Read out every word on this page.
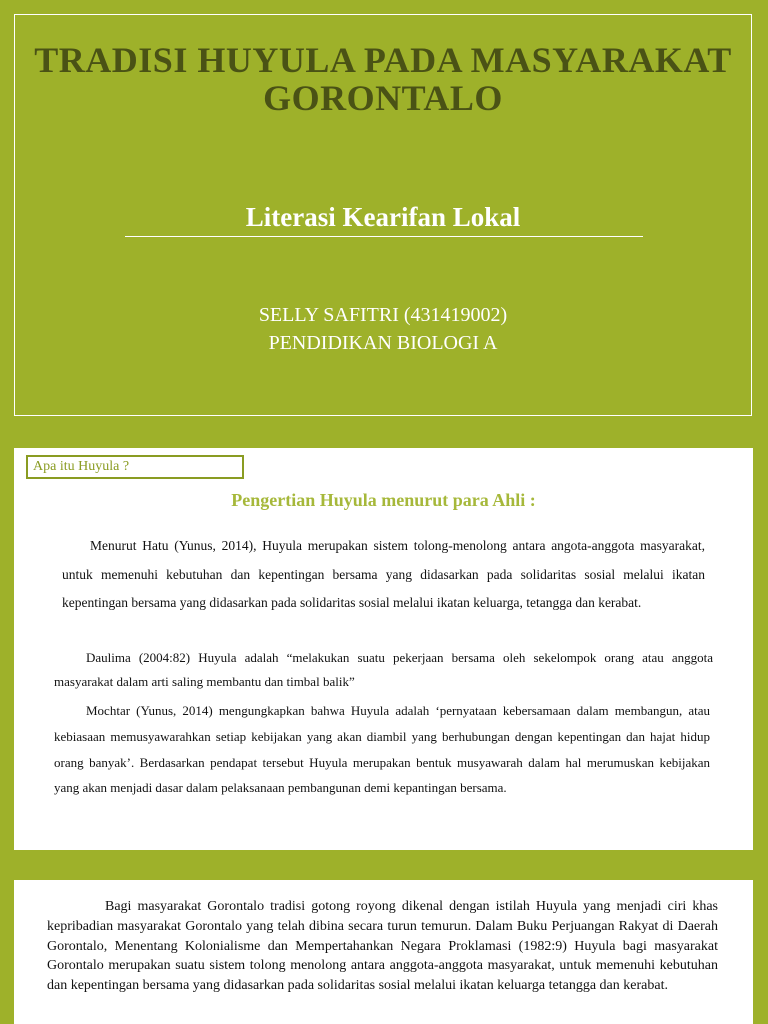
TRADISI HUYULA PADA MASYARAKAT GORONTALO
Literasi Kearifan Lokal
SELLY SAFITRI (431419002)
PENDIDIKAN BIOLOGI A
Apa itu Huyula ?
Pengertian Huyula menurut para Ahli :

Menurut Hatu (Yunus, 2014), Huyula merupakan sistem tolong-menolong antara angota-anggota masyarakat, untuk memenuhi kebutuhan dan kepentingan bersama yang didasarkan pada solidaritas sosial melalui ikatan kepentingan bersama yang didasarkan pada solidaritas sosial melalui ikatan keluarga, tetangga dan kerabat.

Daulima (2004:82) Huyula adalah “melakukan suatu pekerjaan bersama oleh sekelompok orang atau anggota masyarakat dalam arti saling membantu dan timbal balik”

Mochtar (Yunus, 2014) mengungkapkan bahwa Huyula adalah ‘pernyataan kebersamaan dalam membangun, atau kebiasaan memusyawarahkan setiap kebijakan yang akan diambil yang berhubungan dengan kepentingan dan hajat hidup orang banyak’. Berdasarkan pendapat tersebut Huyula merupakan bentuk musyawarah dalam hal merumuskan kebijakan yang akan menjadi dasar dalam pelaksanaan pembangunan demi kepantingan bersama.

Bagi masyarakat Gorontalo tradisi gotong royong dikenal dengan istilah Huyula yang menjadi ciri khas kepribadian masyarakat Gorontalo yang telah dibina secara turun temurun. Dalam Buku Perjuangan Rakyat di Daerah Gorontalo, Menentang Kolonialisme dan Mempertahankan Negara Proklamasi (1982:9) Huyula bagi masyarakat Gorontalo merupakan suatu sistem tolong menolong antara anggota-anggota masyarakat, untuk memenuhi kebutuhan dan kepentingan bersama yang didasarkan pada solidaritas sosial melalui ikatan keluarga tetangga dan kerabat.
